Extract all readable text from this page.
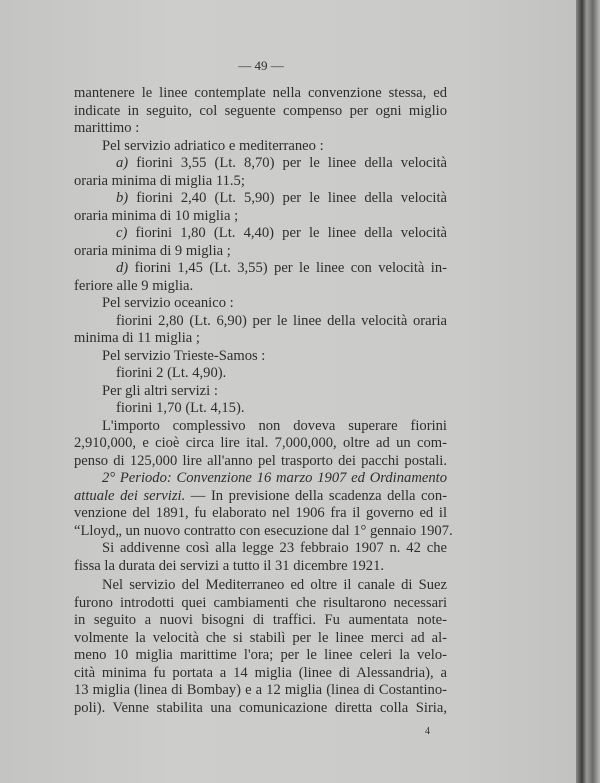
— 49 —
mantenere le linee contemplate nella convenzione stessa, ed
indicate in seguito, col seguente compenso per ogni miglio
marittimo :
Pel servizio adriatico e mediterraneo :
a) fiorini 3,55 (Lt. 8,70) per le linee della velocità
oraria minima di miglia 11.5;
b) fiorini 2,40 (Lt. 5,90) per le linee della velocità
oraria minima di 10 miglia ;
c) fiorini 1,80 (Lt. 4,40) per le linee della velocità
oraria minima di 9 miglia ;
d) fiorini 1,45 (Lt. 3,55) per le linee con velocità in-
feriore alle 9 miglia.
Pel servizio oceanico :
fiorini 2,80 (Lt. 6,90) per le linee della velocità oraria
minima di 11 miglia ;
Pel servizio Trieste-Samos :
fiorini 2 (Lt. 4,90).
Per gli altri servizi :
fiorini 1,70 (Lt. 4,15).
L'importo complessivo non doveva superare fiorini
2,910,000, e cioè circa lire ital. 7,000,000, oltre ad un com-
penso di 125,000 lire all'anno pel trasporto dei pacchi postali.
2° Periodo: Convenzione 16 marzo 1907 ed Ordinamento
attuale dei servizi. — In previsione della scadenza della con-
venzione del 1891, fu elaborato nel 1906 fra il governo ed il
“Lloyd„ un nuovo contratto con esecuzione dal 1° gennaio 1907.
Si addivenne così alla legge 23 febbraio 1907 n. 42 che
fissa la durata dei servizi a tutto il 31 dicembre 1921.
Nel servizio del Mediterraneo ed oltre il canale di Suez
furono introdotti quei cambiamenti che risultarono necessari
in seguito a nuovi bisogni di traffici. Fu aumentata note-
volmente la velocità che si stabilì per le linee merci ad al-
meno 10 miglia marittime l'ora; per le linee celeri la velo-
cità minima fu portata a 14 miglia (linee di Alessandria), a
13 miglia (linea di Bombay) e a 12 miglia (linea di Costantino-
poli). Venne stabilita una comunicazione diretta colla Siria,
4
